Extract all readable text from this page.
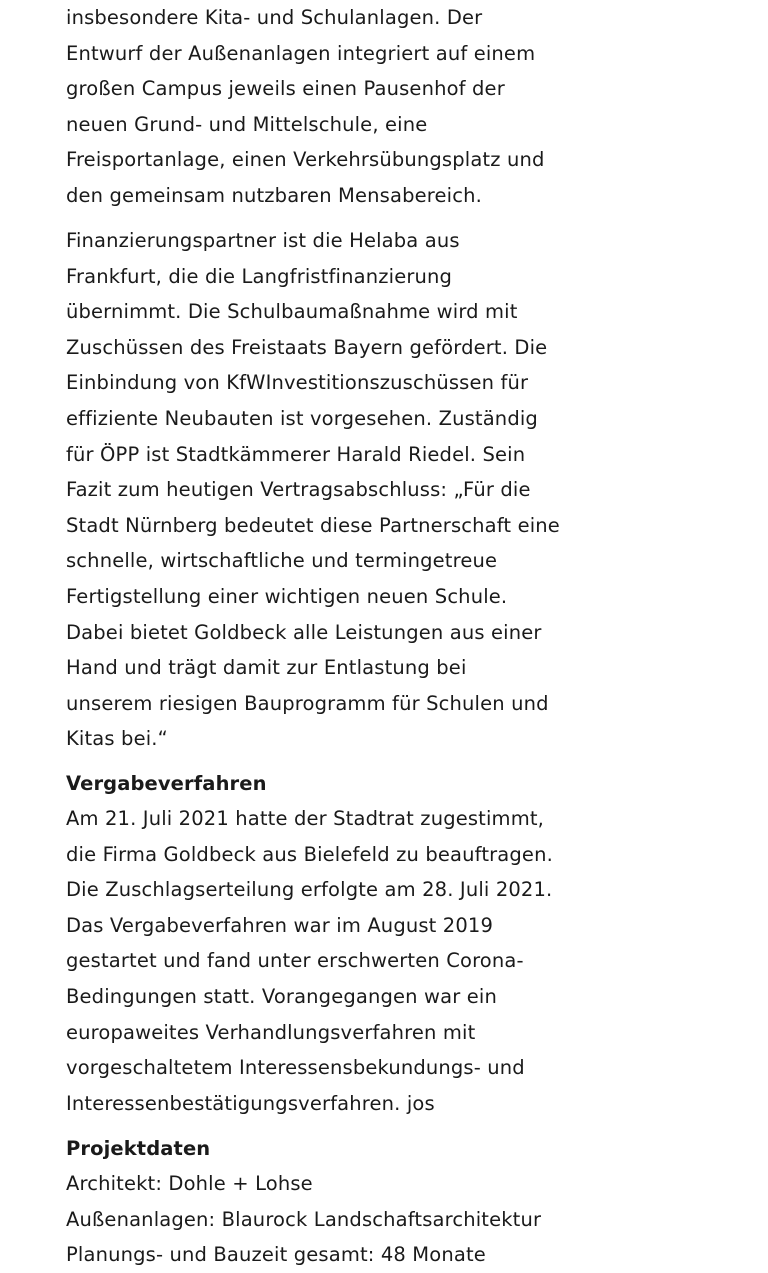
insbesondere Kita- und Schulanlagen. Der
Entwurf der Außenanlagen integriert auf einem
großen Campus jeweils einen Pausenhof der
neuen Grund- und Mittelschule, eine
Freisportanlage, einen Verkehrsübungsplatz und
den gemeinsam nutzbaren Mensabereich.

Finanzierungspartner ist die Helaba aus
Frankfurt, die die Langfristfinanzierung
übernimmt. Die Schulbaumaßnahme wird mit
Zuschüssen des Freistaats Bayern gefördert. Die
Einbindung von KfWInvestitionszuschüssen für
effiziente Neubauten ist vorgesehen. Zuständig
für ÖPP ist Stadtkämmerer Harald Riedel. Sein
Fazit zum heutigen Vertragsabschluss: „Für die
Stadt Nürnberg bedeutet diese Partnerschaft eine
schnelle, wirtschaftliche und termingetreue
Fertigstellung einer wichtigen neuen Schule.
Dabei bietet Goldbeck alle Leistungen aus einer
Hand und trägt damit zur Entlastung bei
unserem riesigen Bauprogramm für Schulen und
Kitas bei.“

Vergabeverfahren

Am 21. Juli 2021 hatte der Stadtrat zugestimmt,
die Firma Goldbeck aus Bielefeld zu beauftragen.
Die Zuschlagserteilung erfolgte am 28. Juli 2021.
Das Vergabeverfahren war im August 2019
gestartet und fand unter erschwerten Corona-
Bedingungen statt. Vorangegangen war ein
europaweites Verhandlungsverfahren mit
vorgeschaltetem Interessensbekundungs- und
Interessenbestätigungsverfahren. jos

Projektdaten

Architekt: Dohle + Lohse
Außenanlagen: Blaurock Landschaftsarchitektur
Planungs- und Bauzeit gesamt: 48 Monate
